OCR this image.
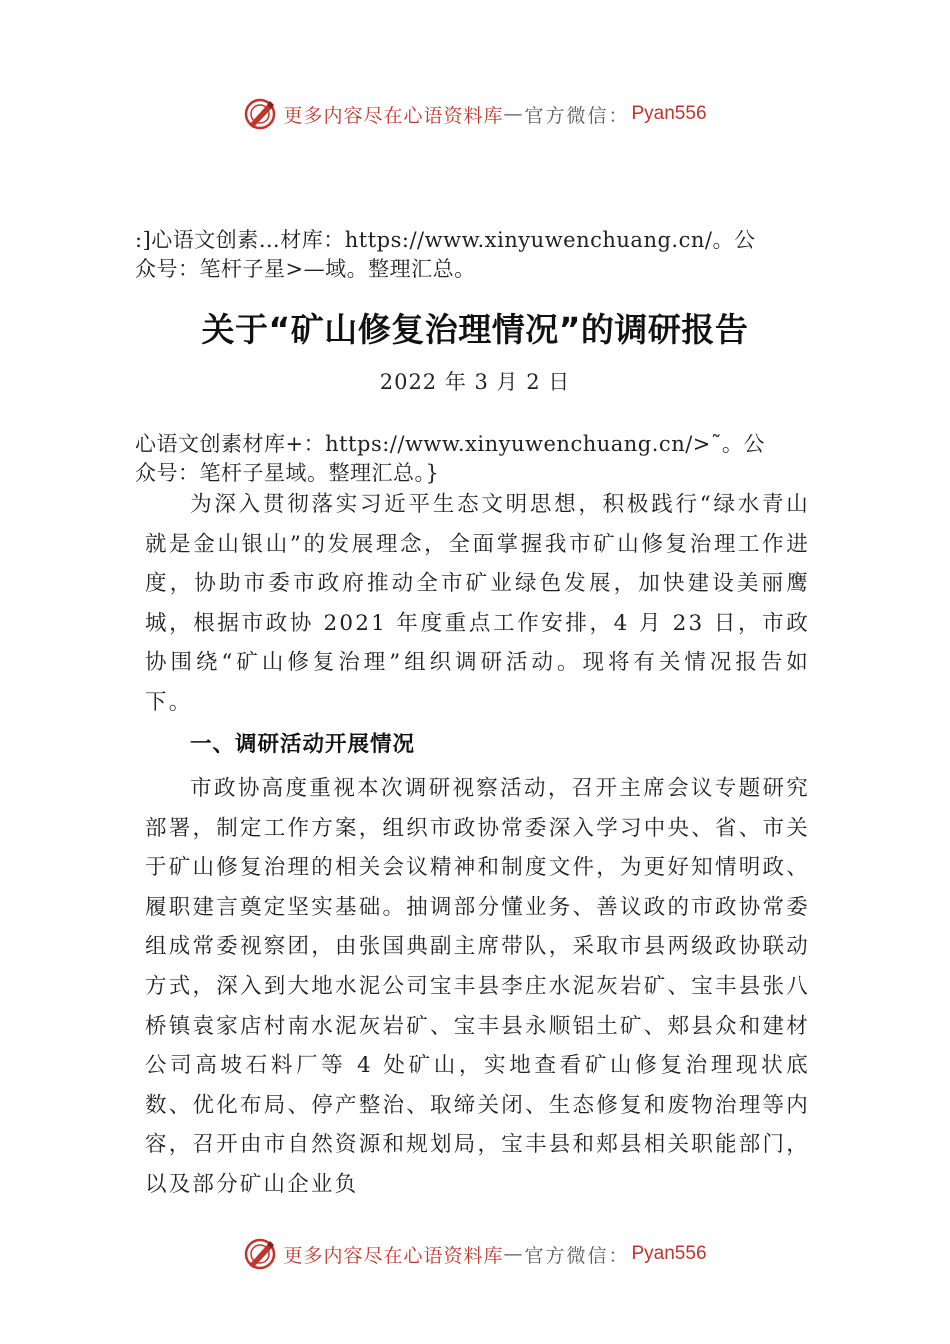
更多内容尽在心语资料库 — 官方微信： Pyan556
:]心语文创素…材库：https://www.xinyuwenchuang.cn/。公
众号：笔杆子星>—域。整理汇总。
关于“矿山修复治理情况”的调研报告
2022 年 3 月 2 日
心语文创素材库+：https://www.xinyuwenchuang.cn/>˜。公
众号：笔杆子星域。整理汇总。}

为深入贯彻落实习近平生态文明思想，积极践行“绿水青山就是金山银山”的发展理念，全面掌握我市矿山修复治理工作进度，协助市委市政府推动全市矿业绿色发展，加快建设美丽鹰城，根据市政协 2021 年度重点工作安排，4 月 23 日，市政协围绕“矿山修复治理”组织调研活动。现将有关情况报告如下。

一、调研活动开展情况

市政协高度重视本次调研视察活动，召开主席会议专题研究部署，制定工作方案，组织市政协常委深入学习中央、省、市关于矿山修复治理的相关会议精神和制度文件，为更好知情明政、履职建言奠定坚实基础。抽调部分懂业务、善议政的市政协常委组成常委视察团，由张国典副主席带队，采取市县两级政协联动方式，深入到大地水泥公司宝丰县李庄水泥灰岩矿、宝丰县张八桥镇袁家店村南水泥灰岩矿、宝丰县永顺铝土矿、郏县众和建材公司高坡石料厂等 4 处矿山，实地查看矿山修复治理现状底数、优化布局、停产整治、取缔关闭、生态修复和废物治理等内容，召开由市自然资源和规划局，宝丰县和郏县相关职能部门，以及部分矿山企业负

更多内容尽在心语资料库 — 官方微信： Pyan556
